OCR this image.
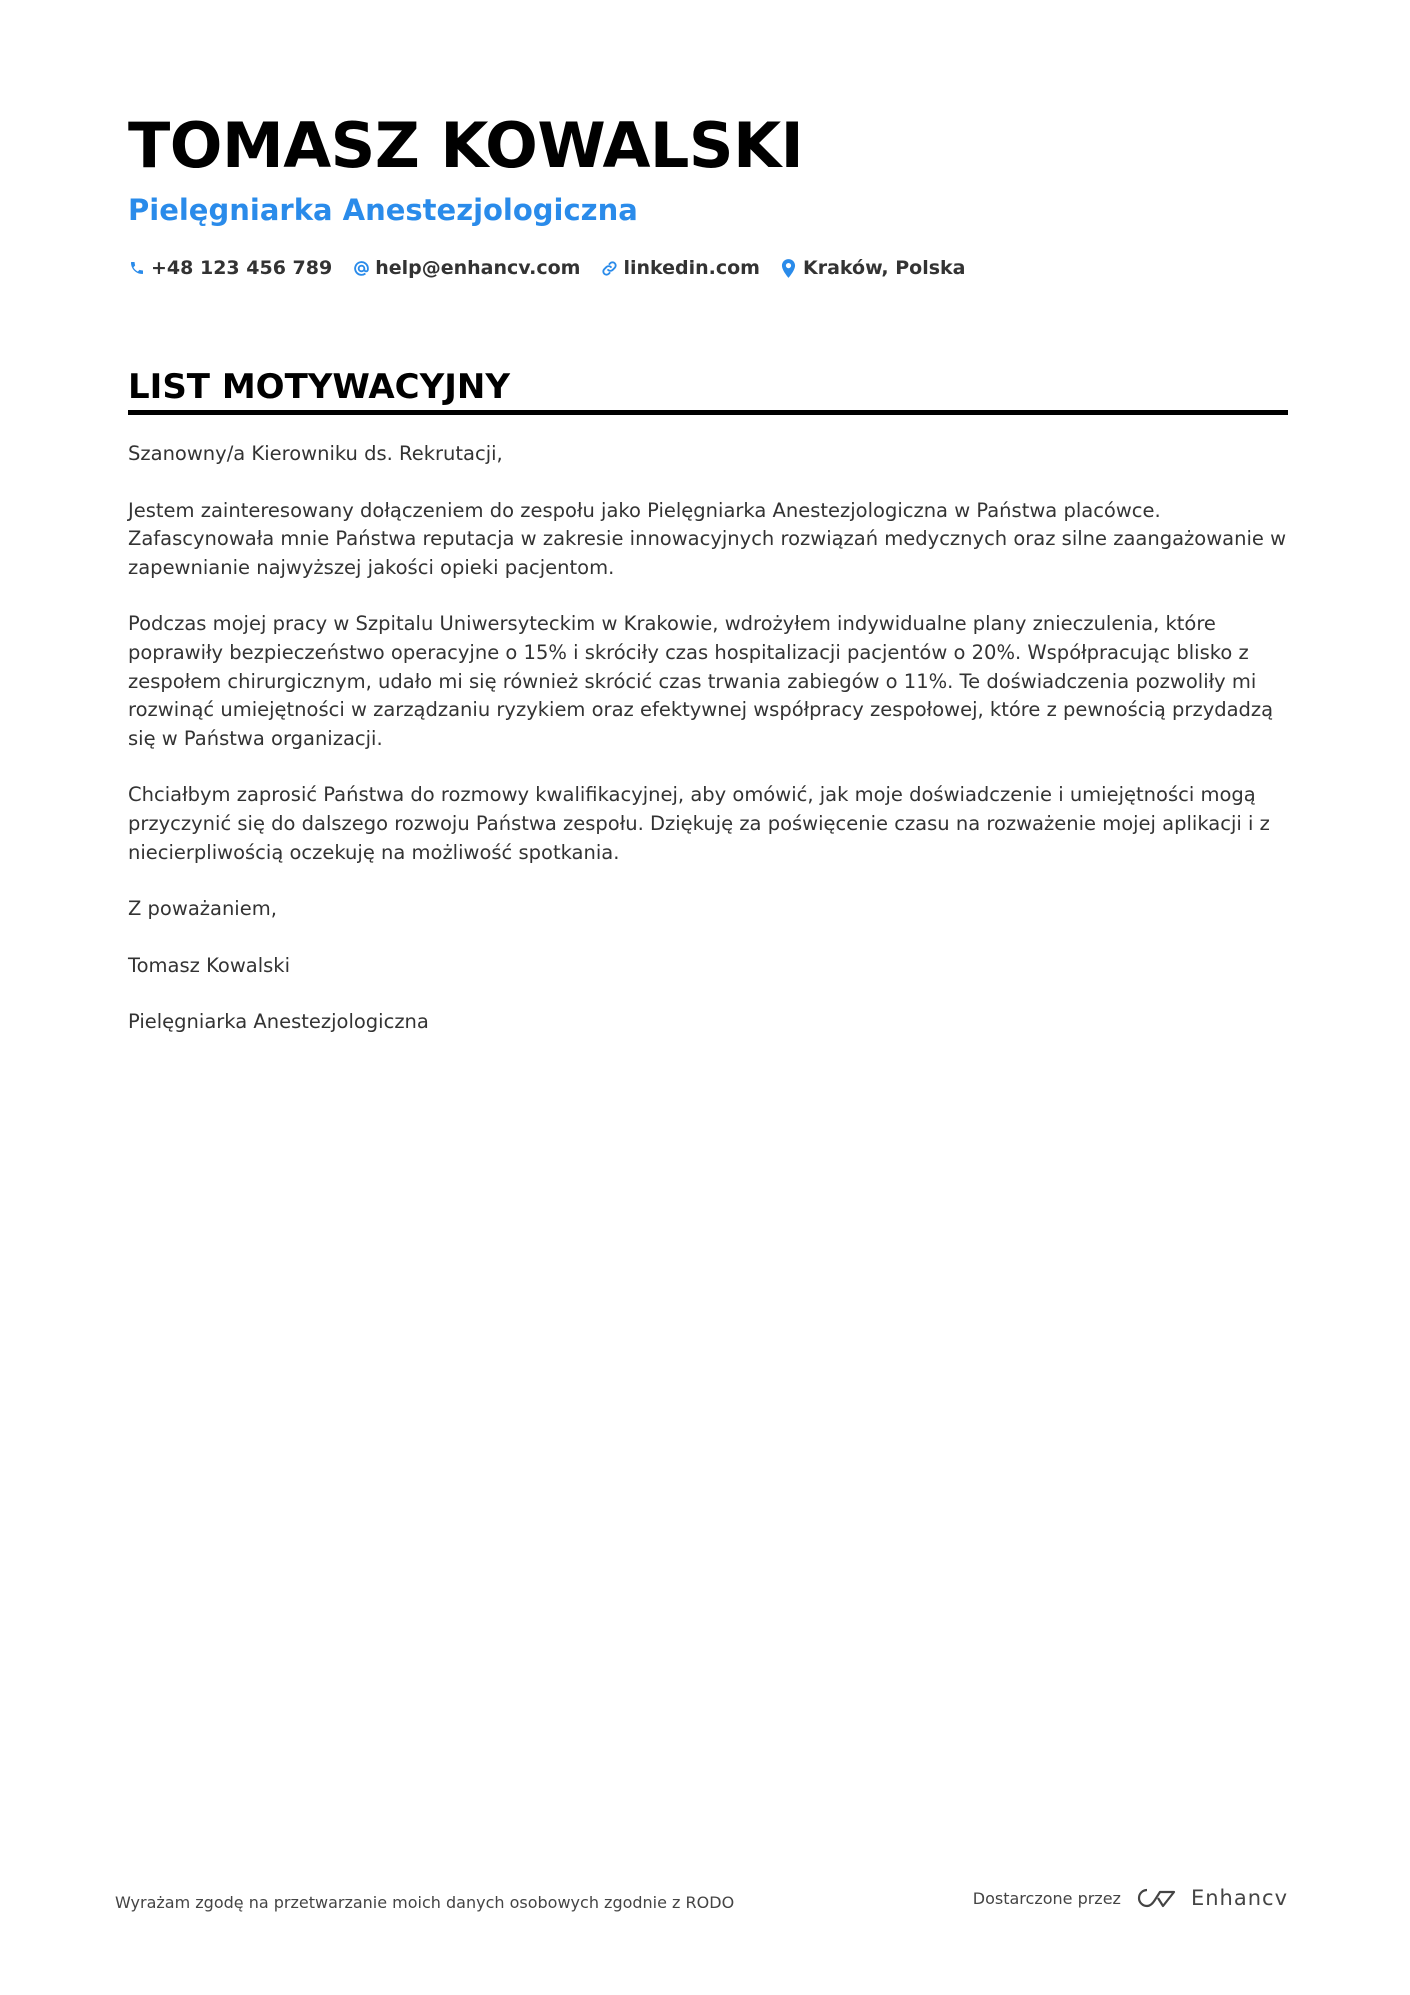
TOMASZ KOWALSKI
Pielęgniarka Anestezjologiczna
+48 123 456 789 help@enhancv.com linkedin.com Kraków, Polska
LIST MOTYWACYJNY

Szanowny/a Kierowniku ds. Rekrutacji,

Jestem zainteresowany dołączeniem do zespołu jako Pielęgniarka Anestezjologiczna w Państwa placówce. Zafascynowała mnie Państwa reputacja w zakresie innowacyjnych rozwiązań medycznych oraz silne zaangażowanie w zapewnianie najwyższej jakości opieki pacjentom.

Podczas mojej pracy w Szpitalu Uniwersyteckim w Krakowie, wdrożyłem indywidualne plany znieczulenia, które poprawiły bezpieczeństwo operacyjne o 15% i skróciły czas hospitalizacji pacjentów o 20%. Współpracując blisko z zespołem chirurgicznym, udało mi się również skrócić czas trwania zabiegów o 11%. Te doświadczenia pozwoliły mi rozwinąć umiejętności w zarządzaniu ryzykiem oraz efektywnej współpracy zespołowej, które z pewnością przydadzą się w Państwa organizacji.

Chciałbym zaprosić Państwa do rozmowy kwalifikacyjnej, aby omówić, jak moje doświadczenie i umiejętności mogą przyczynić się do dalszego rozwoju Państwa zespołu. Dziękuję za poświęcenie czasu na rozważenie mojej aplikacji i z niecierpliwością oczekuję na możliwość spotkania.

Z poważaniem,

Tomasz Kowalski

Pielęgniarka Anestezjologiczna

Wyrażam zgodę na przetwarzanie moich danych osobowych zgodnie z RODO	Dostarczone przez	Enhancv
